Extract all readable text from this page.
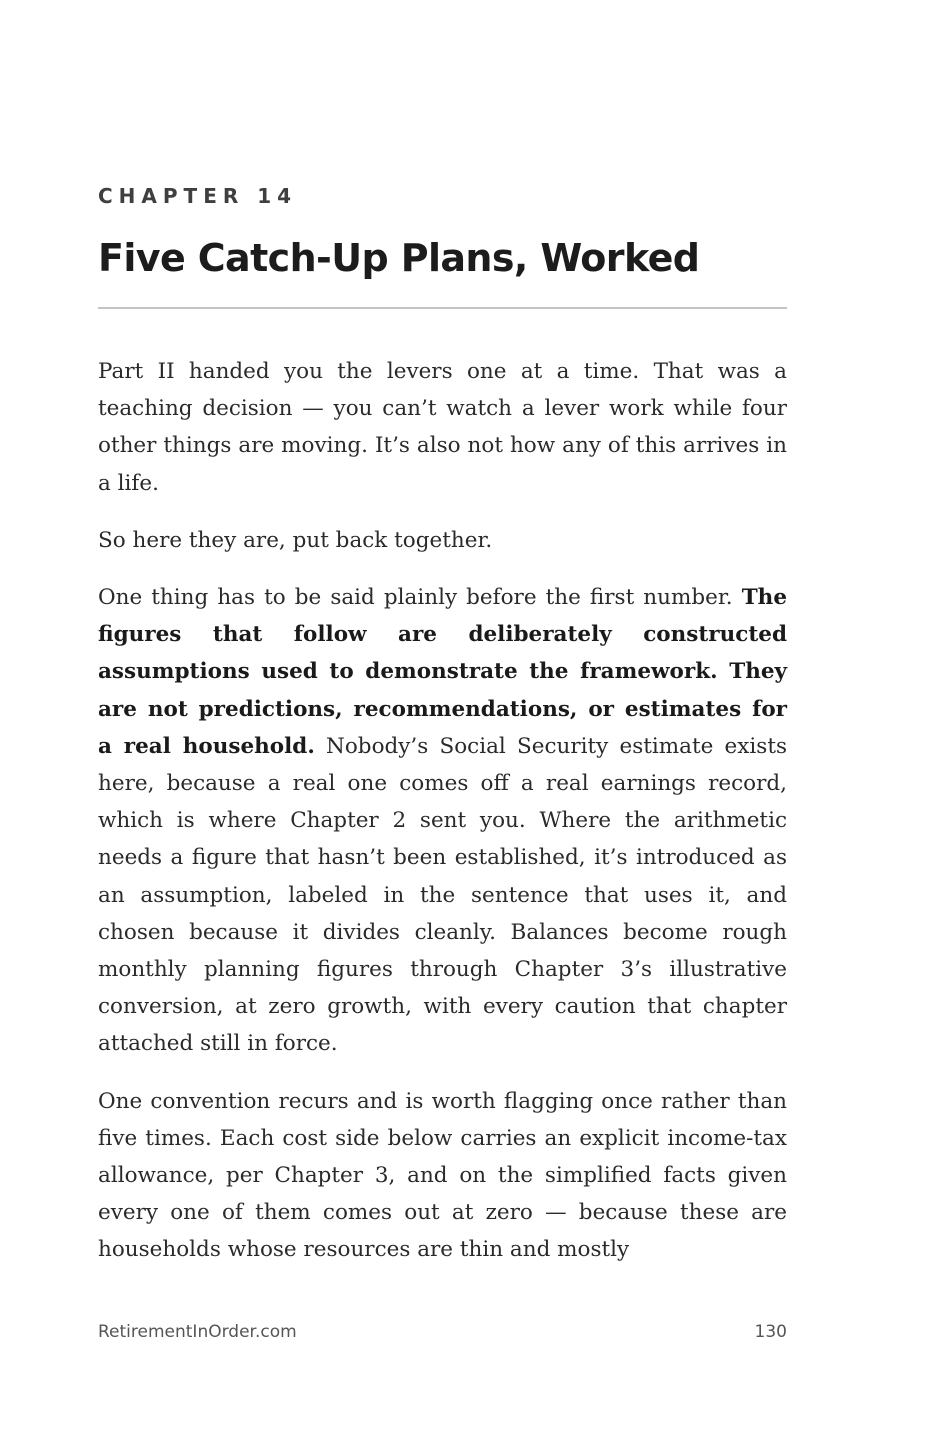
CHAPTER 14
Five Catch-Up Plans, Worked

Part II handed you the levers one at a time. That was a teaching decision — you can’t watch a lever work while four other things are moving. It’s also not how any of this arrives in a life.

So here they are, put back together.

One thing has to be said plainly before the first number. The figures that follow are deliberately constructed assumptions used to demonstrate the framework. They are not predictions, recommendations, or estimates for a real household. Nobody’s Social Security estimate exists here, because a real one comes off a real earnings record, which is where Chapter 2 sent you. Where the arithmetic needs a figure that hasn’t been established, it’s introduced as an assumption, labeled in the sentence that uses it, and chosen because it divides cleanly. Balances become rough monthly planning figures through Chapter 3’s illustrative conversion, at zero growth, with every caution that chapter attached still in force.

One convention recurs and is worth flagging once rather than five times. Each cost side below carries an explicit income-tax allowance, per Chapter 3, and on the simplified facts given every one of them comes out at zero — because these are households whose resources are thin and mostly

RetirementInOrder.com	130
